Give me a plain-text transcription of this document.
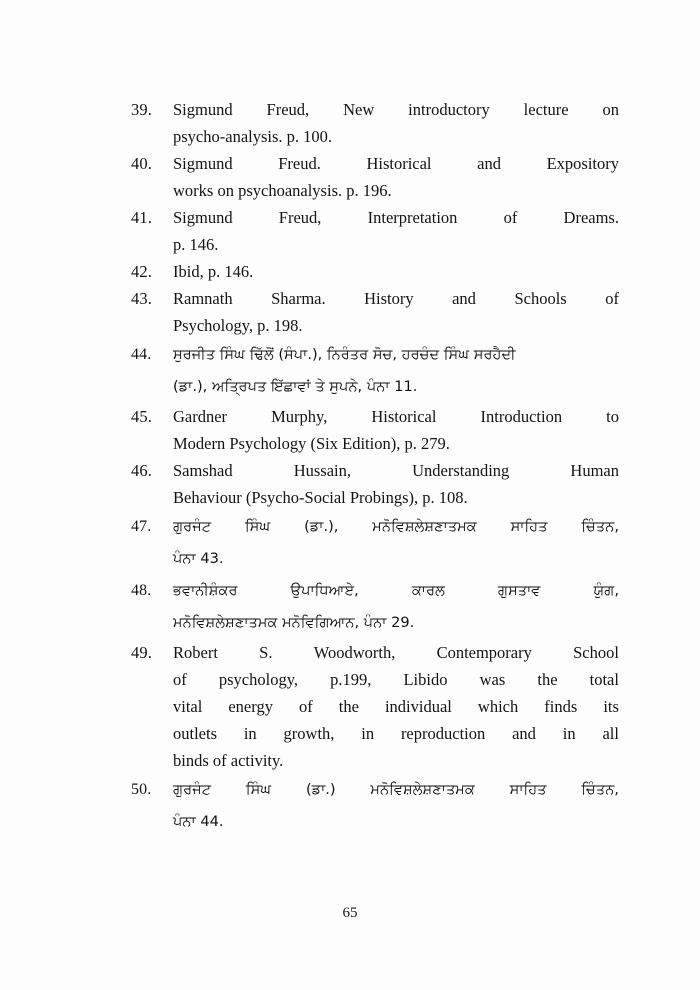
39.	Sigmund Freud, New introductory lecture on
psycho-analysis. p. 100.
40.	Sigmund	Freud.	Historical	and	Expository
works on psychoanalysis. p. 196.
41.	Sigmund	Freud,	Interpretation	of	Dreams.
p. 146.
42.	Ibid, p. 146.
43.	Ramnath Sharma. History and Schools of
Psychology, p. 198.
44.	ਸੁਰਜੀਤ ਸਿੰਘ ਢਿੱਲੋਂ (ਸੰਪਾ.), ਨਿਰੰਤਰ ਸੋਚ, ਹਰਚੰਦ ਸਿੰਘ ਸਰਹੈਦੀ
(ਡਾ.), ਅਤ੍ਰਿਪਤ ਇੱਛਾਵਾਂ ਤੇ ਸੁਪਨੇ, ਪੰਨਾ 11.
45.	Gardner	Murphy,	Historical	Introduction	to
Modern Psychology (Six Edition), p. 279.
46.	Samshad	Hussain,	Understanding	Human
Behaviour (Psycho-Social Probings), p. 108.
47.	ਗੁਰਜੰਟ ਸਿੰਘ (ਡਾ.), ਮਨੋਵਿਸ਼ਲੇਸ਼ਣਾਤਮਕ ਸਾਹਿਤ ਚਿੰਤਨ,
ਪੰਨਾ 43.
48.	ਭਵਾਨੀਸ਼ੰਕਰ	ਉਪਾਧਿਆਏ,	ਕਾਰਲ	ਗੁਸਤਾਵ	ਯੁੰਗ,
ਮਨੋਵਿਸ਼ਲੇਸ਼ਣਾਤਮਕ ਮਨੋਵਿਗਿਆਨ, ਪੰਨਾ 29.
49.	Robert S. Woodworth, Contemporary School
of psychology, p.199, Libido was the total
vital energy of the individual which finds its
outlets in growth, in reproduction and in all
binds of activity.
50.	ਗੁਰਜੰਟ ਸਿੰਘ (ਡਾ.) ਮਨੋਵਿਸ਼ਲੇਸ਼ਣਾਤਮਕ ਸਾਹਿਤ ਚਿੰਤਨ,
ਪੰਨਾ 44.
65
